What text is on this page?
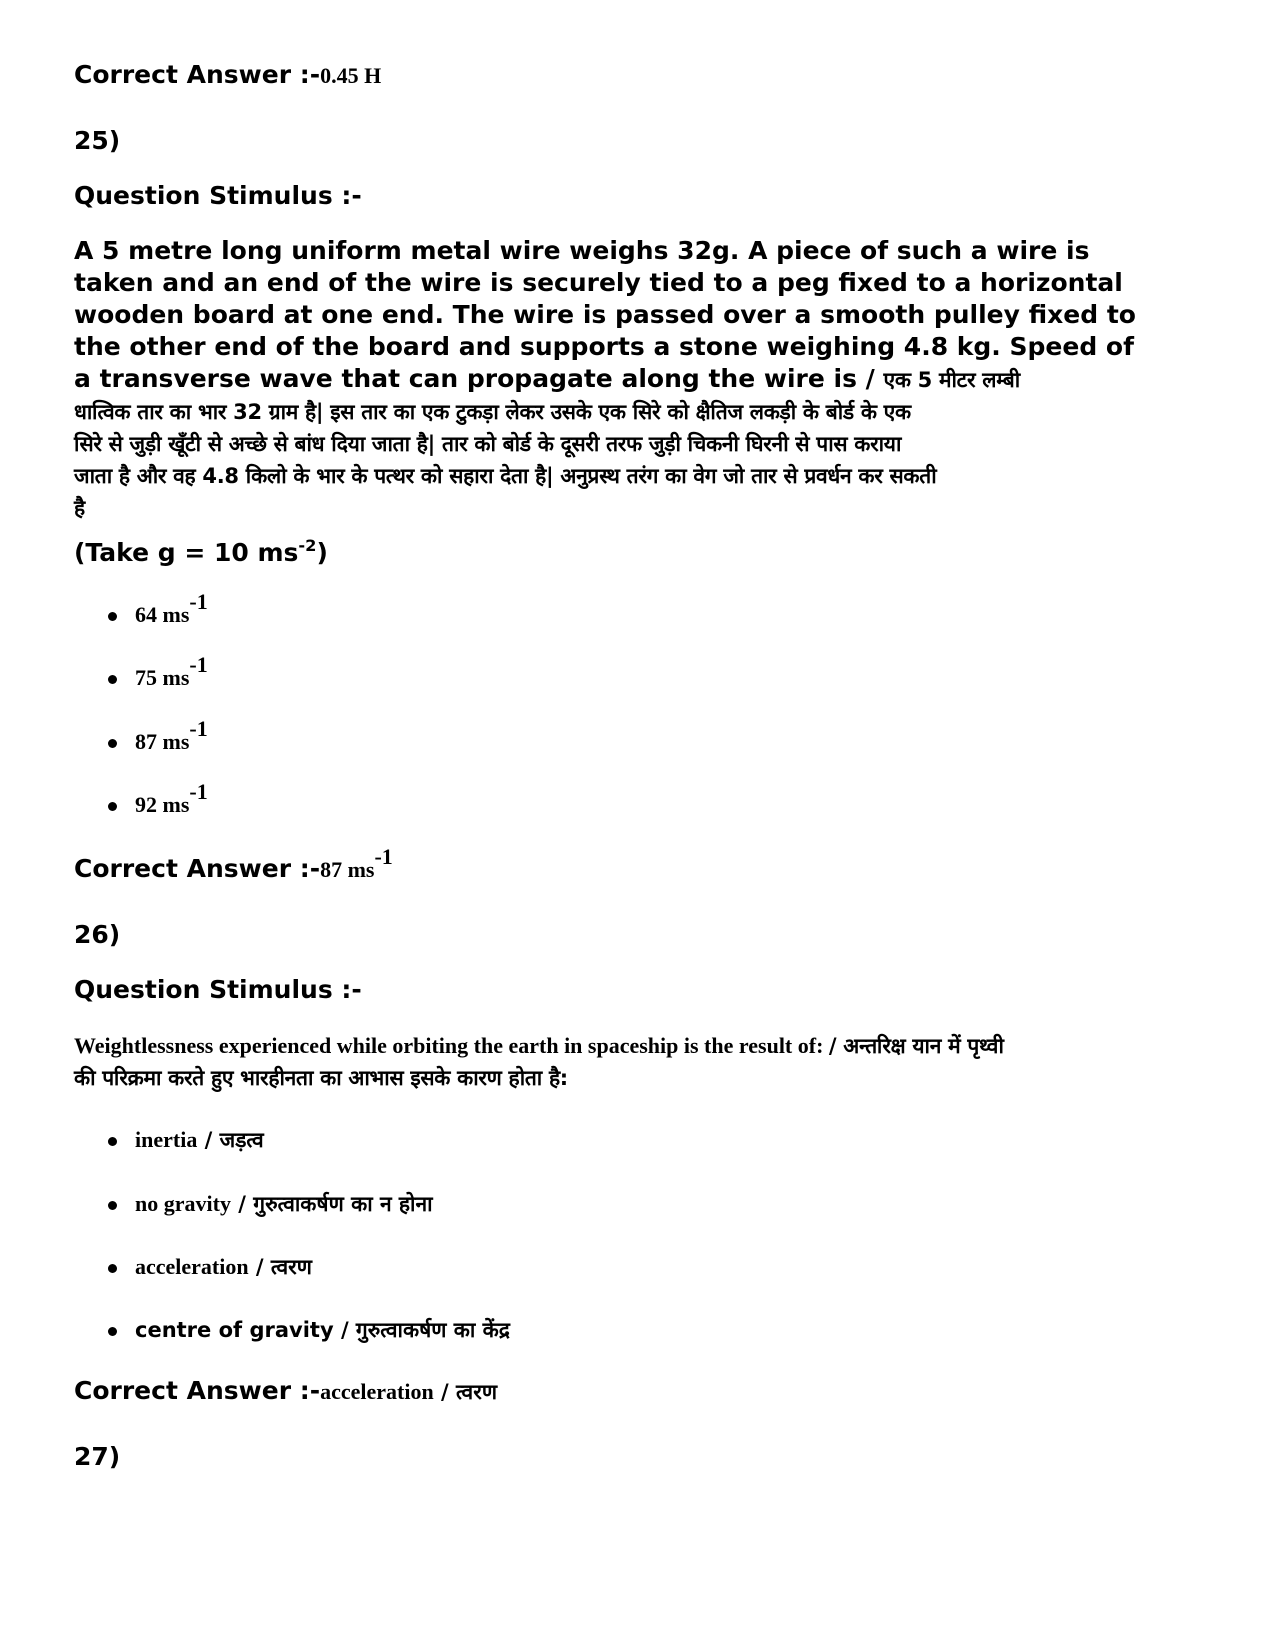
Correct Answer :-0.45 H
25)
Question Stimulus :-
A 5 metre long uniform metal wire weighs 32g. A piece of such a wire is
taken and an end of the wire is securely tied to a peg fixed to a horizontal
wooden board at one end. The wire is passed over a smooth pulley fixed to
the other end of the board and supports a stone weighing 4.8 kg. Speed of
a transverse wave that can propagate along the wire is / एक 5 मीटर लम्बी
धात्विक तार का भार 32 ग्राम है| इस तार का एक टुकड़ा लेकर उसके एक सिरे को क्षैतिज लकड़ी के बोर्ड के एक
सिरे से जुड़ी खूँटी से अच्छे से बांध दिया जाता है| तार को बोर्ड के दूसरी तरफ जुड़ी चिकनी घिरनी से पास कराया
जाता है और वह 4.8 किलो के भार के पत्थर को सहारा देता है| अनुप्रस्थ तरंग का वेग जो तार से प्रवर्धन कर सकती
है
(Take g = 10 $ms^{-2}$)
64 $ms^{-1}$
75 $ms^{-1}$
87 $ms^{-1}$
92 $ms^{-1}$
Correct Answer :-87 $ms^{-1}$
26)
Question Stimulus :-
Weightlessness experienced while orbiting the earth in spaceship is the result of: / अन्तरिक्ष यान में पृथ्वी
की परिक्रमा करते हुए भारहीनता का आभास इसके कारण होता है:
inertia / जड़त्व
no gravity / गुरुत्वाकर्षण का न होना
acceleration / त्वरण
centre of gravity / गुरुत्वाकर्षण का केंद्र
Correct Answer :-acceleration / त्वरण
27)
